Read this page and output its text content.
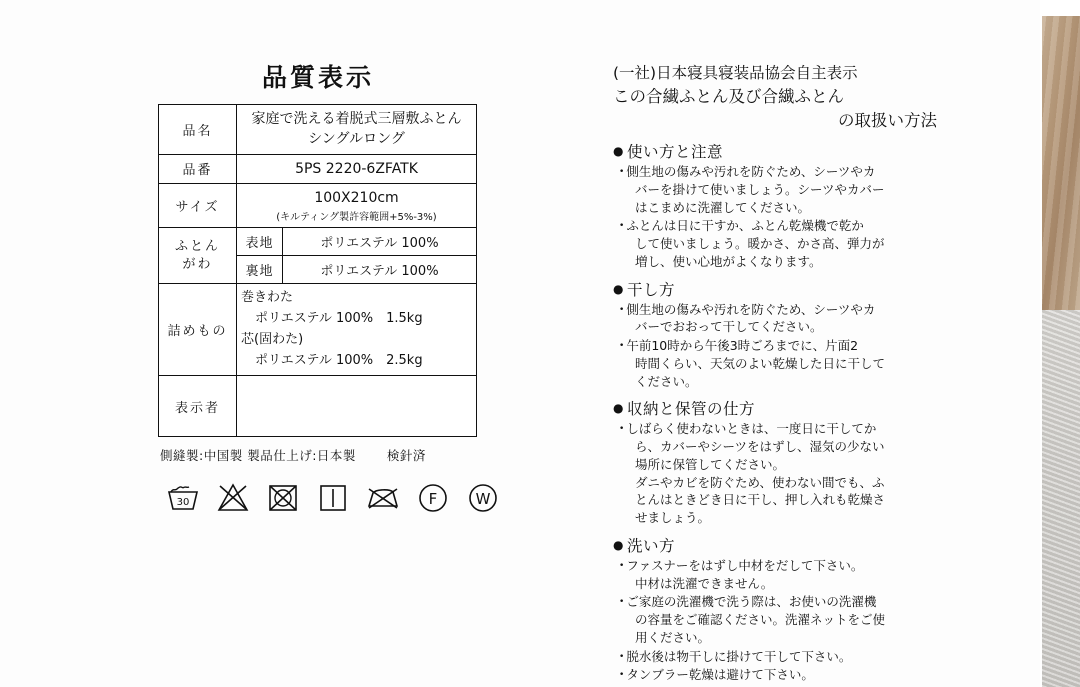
品質表示
品名	家庭で洗える着脱式三層敷ふとん
シングルロング	

品番	5PS 2220-6ZFATK	

サイズ	100X210cm
(キルティング製許容範囲+5%-3%)	

ふとん
がわ	表地	ポリエステル 100%
	裏地	ポリエステル 100%
詰めもの	巻きわた
ポリエステル 100%　1.5kg
芯(固わた)
ポリエステル 100%　2.5kg	

表示者		
側縫製:中国製 製品仕上げ:日本製 検針済
30	F	W
(一社)日本寝具寝装品協会自主表示
この合繊ふとん及び合繊ふとん
の取扱い方法
● 使い方と注意
• 側生地の傷みや汚れを防ぐため、シーツやカ
バーを掛けて使いましょう。シーツやカバー
はこまめに洗濯してください。
• ふとんは日に干すか、ふとん乾燥機で乾か
して使いましょう。暖かさ、かさ高、弾力が
増し、使い心地がよくなります。
● 干し方
• 側生地の傷みや汚れを防ぐため、シーツやカ
バーでおおって干してください。
• 午前10時から午後3時ごろまでに、片面2
時間くらい、天気のよい乾燥した日に干して
ください。
● 収納と保管の仕方
• しばらく使わないときは、一度日に干してか
ら、カバーやシーツをはずし、湿気の少ない
場所に保管してください。
ダニやカビを防ぐため、使わない間でも、ふ
とんはときどき日に干し、押し入れも乾燥さ
せましょう。
● 洗い方
• ファスナーをはずし中材をだして下さい。
中材は洗濯できません。
• ご家庭の洗濯機で洗う際は、お使いの洗濯機
の容量をご確認ください。洗濯ネットをご使
用ください。
• 脱水後は物干しに掛けて干して下さい。
• タンブラー乾燥は避けて下さい。
